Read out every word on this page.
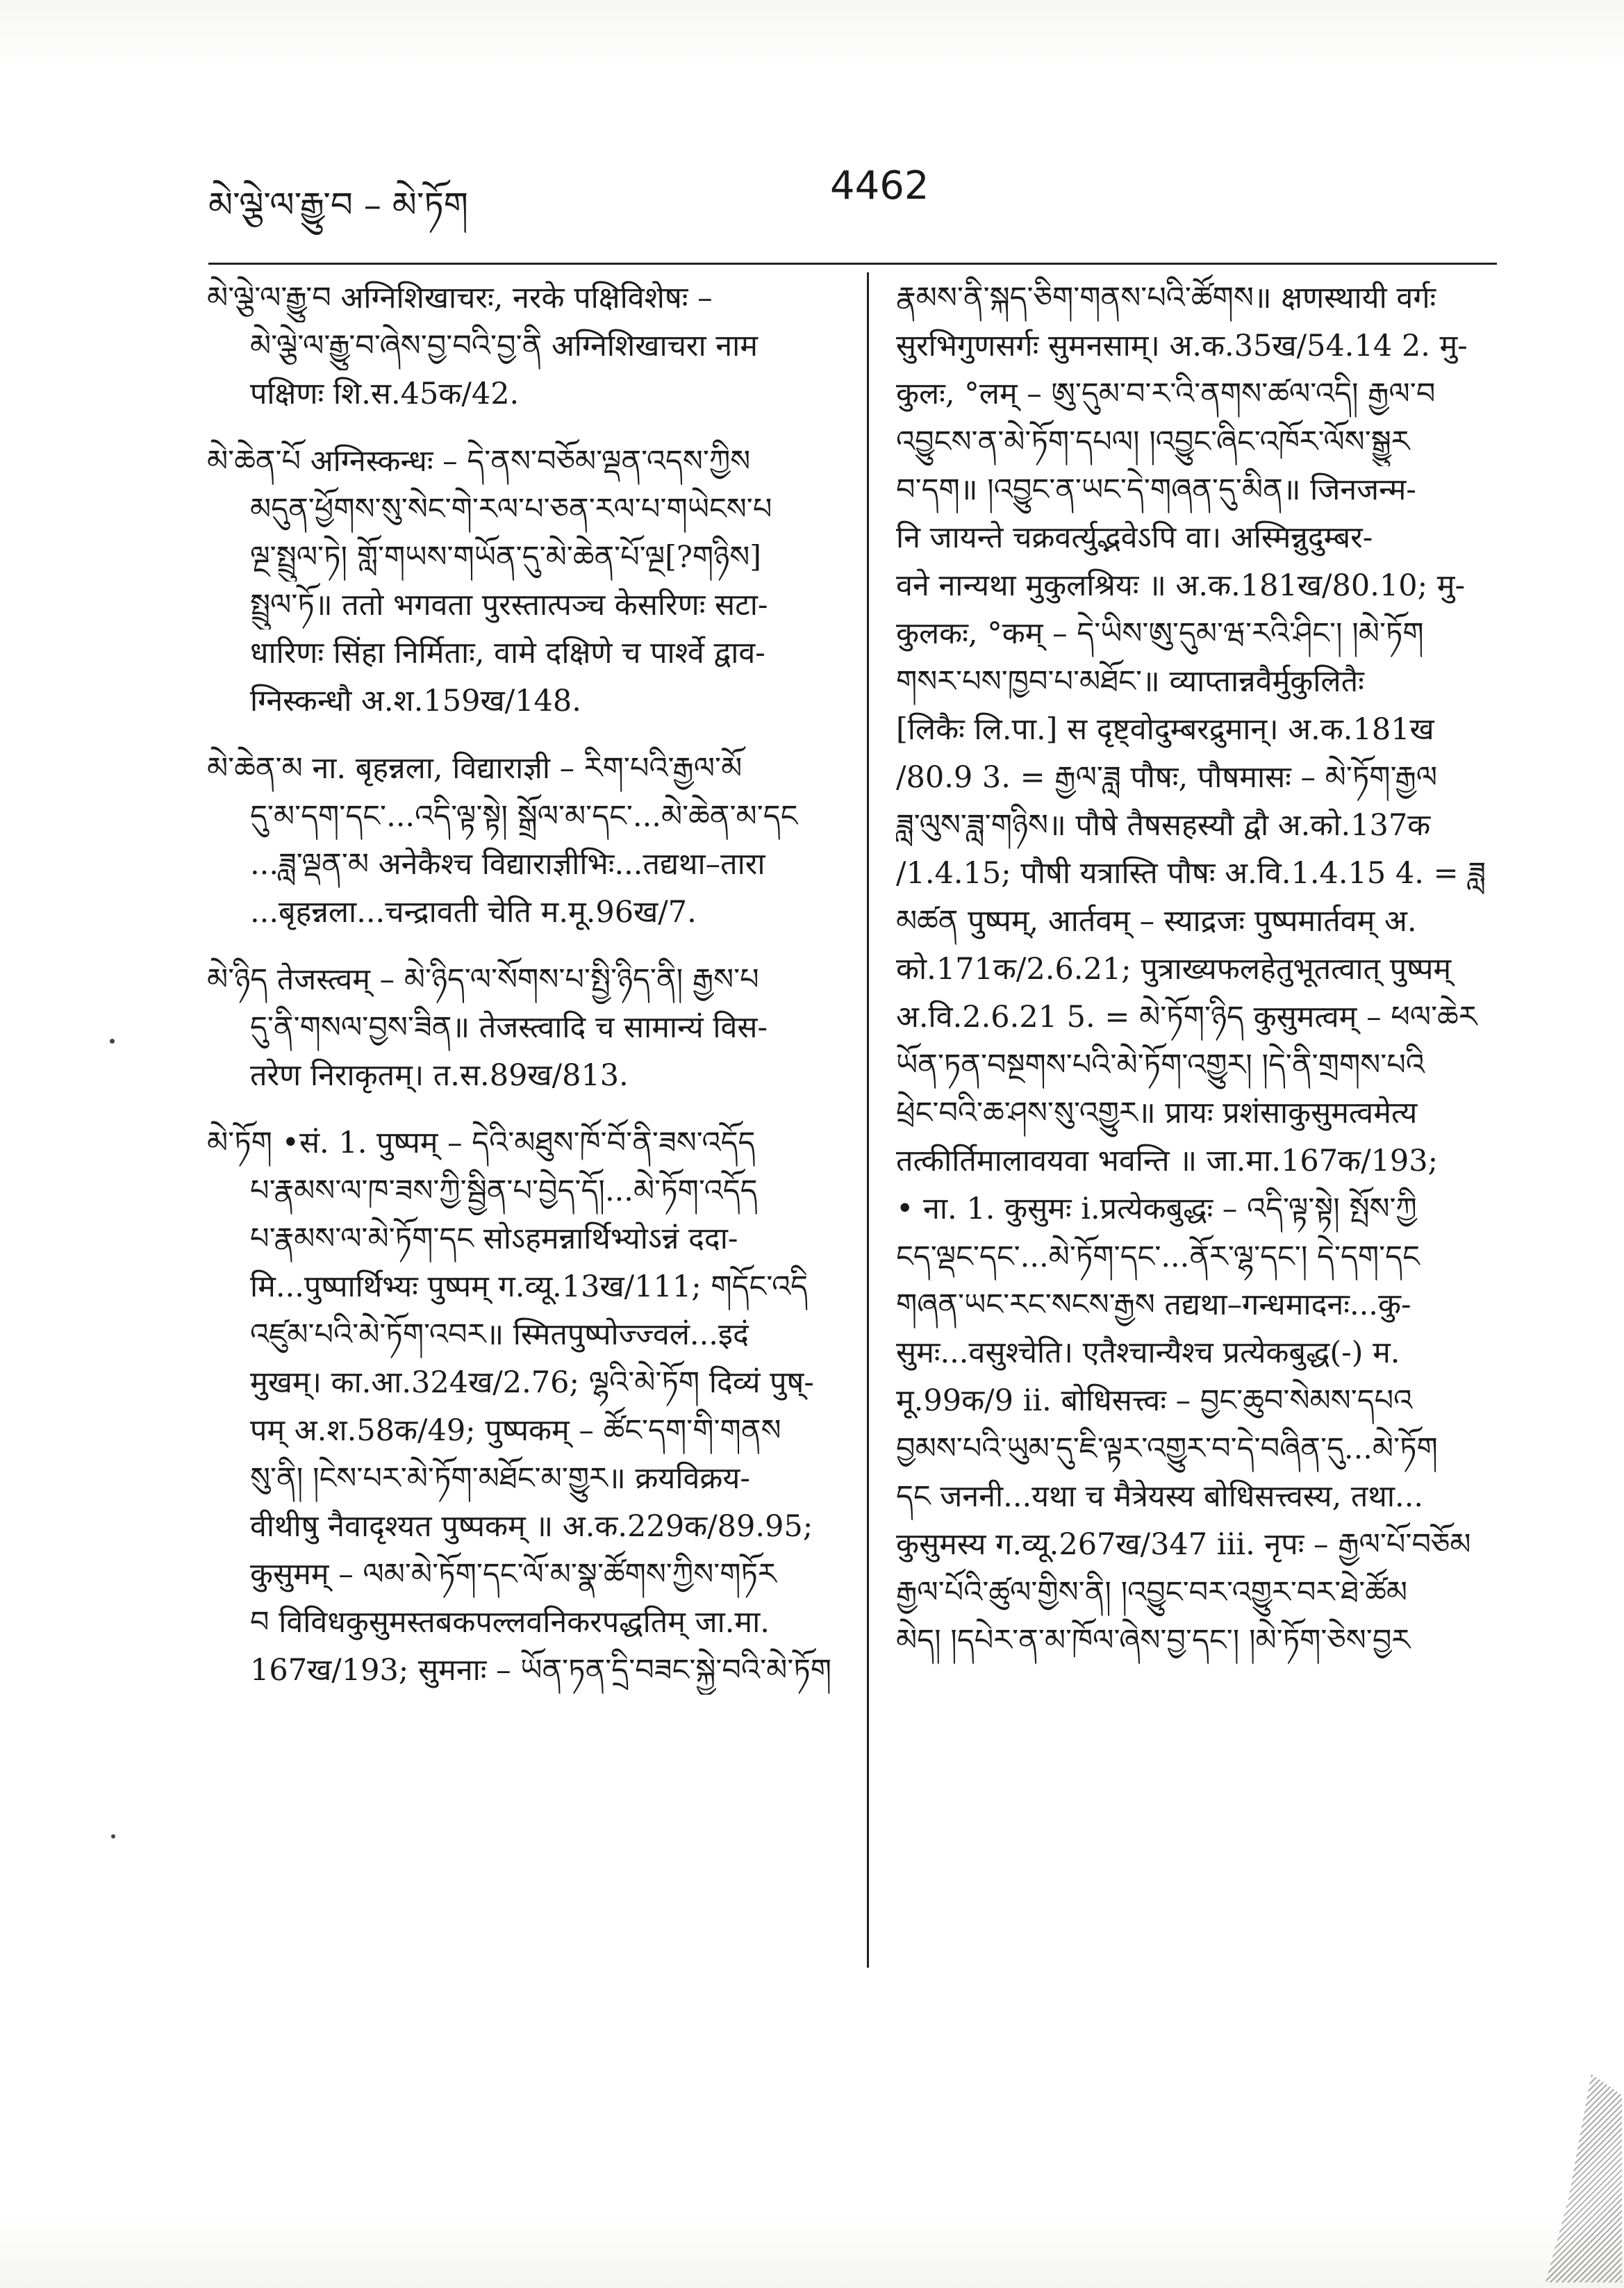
མེ་ལྕེ་ལ་རྒྱུ་བ – མེ་ཏོག	4462
མེ་ལྕེ་ལ་རྒྱུ་བ अग्निशिखाचरः, नरके पक्षिविशेषः –
མེ་ལྕེ་ལ་རྒྱུ་བ་ཞེས་བྱ་བའི་བྱ་ནི अग्निशिखाचरा नाम
पक्षिणः शि.स.45क/42.
མེ་ཆེན་པོ अग्निस्कन्धः – དེ་ནས་བཅོམ་ལྡན་འདས་ཀྱིས
མདུན་ཕྱོགས་སུ་སེང་གེ་རལ་པ་ཅན་རལ་པ་གཡེངས་པ
ལྔ་སྤྲུལ་ཏེ། གློ་གཡས་གཡོན་དུ་མེ་ཆེན་པོ་ལྔ[?གཉིས]
སྤྲུལ་ཏོ॥ ततो भगवता पुरस्तात्पञ्च केसरिणः सटा-
धारिणः सिंहा निर्मिताः, वामे दक्षिणे च पार्श्वे द्वाव-
ग्निस्कन्धौ अ.श.159ख/148.
མེ་ཆེན་མ ना. बृहन्नला, विद्याराज्ञी – རིག་པའི་རྒྱལ་མོ
དུ་མ་དག་དང་...འདི་ལྟ་སྟེ། སྒྲོལ་མ་དང་...མེ་ཆེན་མ་དང
...ཟླ་ལྡན་མ अनेकैश्च विद्याराज्ञीभिः...तद्यथा–तारा
...बृहन्नला...चन्द्रावती चेति म.मू.96ख/7.
མེ་ཉིད तेजस्त्वम् – མེ་ཉིད་ལ་སོགས་པ་སྤྱི་ཉིད་ནི། རྒྱས་པ
དུ་ནི་གསལ་བྱས་ཟིན॥ तेजस्त्वादि च सामान्यं विस-
तरेण निराकृतम्। त.स.89ख/813.
མེ་ཏོག •सं. 1. पुष्पम् – དེའི་མཐུས་ཁོ་བོ་ནི་ཟས་འདོད
པ་རྣམས་ལ་ཁ་ཟས་ཀྱི་སྦྱིན་པ་བྱེད་དོ།...མེ་ཏོག་འདོད
པ་རྣམས་ལ་མེ་ཏོག་དང सोऽहमन्नार्थिभ्योऽन्नं ददा-
मि...पुष्पार्थिभ्यः पुष्पम् ग.व्यू.13ख/111; གདོང་འདི
འཛུམ་པའི་མེ་ཏོག་འབར॥ स्मितपुष्पोज्ज्वलं...इदं
मुखम्। का.आ.324ख/2.76; ལྷའི་མེ་ཏོག दिव्यं पुष्-
पम् अ.श.58क/49; पुष्पकम् – ཚོང་དག་གི་གནས
སུ་ནི། །ངེས་པར་མེ་ཏོག་མཐོང་མ་གྱུར॥ क्रयविक्रय-
वीथीषु नैवादृश्यत पुष्पकम् ॥ अ.क.229क/89.95;
कुसुमम् – ལམ་མེ་ཏོག་དང་ལོ་མ་སྣ་ཚོགས་ཀྱིས་གཏོར
བ विविधकुसुमस्तबकपल्लवनिकरपद्धतिम् जा.मा.
167ख/193; सुमनाः – ཡོན་ཏན་དྲི་བཟང་སྐྱེ་བའི་མེ་ཏོག
རྣམས་ནི་སྐད་ཅིག་གནས་པའི་ཚོགས॥ क्षणस्थायी वर्गः
सुरभिगुणसर्गः सुमनसाम्। अ.क.35ख/54.14 2. मु-
कुलः, °लम् – ཨུ་དུམ་བ་ར་འི་ནགས་ཚལ་འདི། རྒྱལ་བ
འབྱུངས་ན་མེ་ཏོག་དཔལ། །འབྱུང་ཞིང་འཁོར་ལོས་སྒྱུར
བ་དག॥ །འབྱུང་ན་ཡང་དེ་གཞན་དུ་མིན॥ जिनजन्म-
नि जायन्ते चक्रवर्त्युद्भवेऽपि वा। अस्मिन्नुदुम्बर-
वने नान्यथा मुकुलश्रियः ॥ अ.क.181ख/80.10; मु-
कुलकः, °कम् – དེ་ཡིས་ཨུ་དུམ་ཝ་རའི་ཤིང་། །མེ་ཏོག
གསར་པས་ཁྱབ་པ་མཐོང་॥ व्याप्तान्नवैर्मुकुलितैः
[लिकैः लि.पा.] स दृष्ट्वोदुम्बरद्रुमान्। अ.क.181ख
/80.9 3. = རྒྱལ་ཟླ पौषः, पौषमासः – མེ་ཏོག་རྒྱལ
ཟླ་ལུས་ཟླ་གཉིས॥ पौषे तैषसहस्यौ द्वौ अ.को.137क
/1.4.15; पौषी यत्रास्ति पौषः अ.वि.1.4.15 4. = ཟླ
མཚན पुष्पम्, आर्तवम् – स्याद्रजः पुष्पमार्तवम् अ.
को.171क/2.6.21; पुत्राख्यफलहेतुभूतत्वात् पुष्पम्
अ.वि.2.6.21 5. = མེ་ཏོག་ཉིད कुसुमत्वम् – ཕལ་ཆེར
ཡོན་ཏན་བསྔགས་པའི་མེ་ཏོག་འགྱུར། །དེ་ནི་གྲགས་པའི
ཕྲེང་བའི་ཆ་ཤས་སུ་འགྱུར॥ प्रायः प्रशंसाकुसुमत्वमेत्य
तत्कीर्तिमालावयवा भवन्ति ॥ जा.मा.167क/193;
• ना. 1. कुसुमः i.प्रत्येकबुद्धः – འདི་ལྟ་སྟེ། སྤོས་ཀྱི
ངད་ལྡང་དང་...མེ་ཏོག་དང་...ནོར་ལྷ་དང་། དེ་དག་དང
གཞན་ཡང་རང་སངས་རྒྱས तद्यथा–गन्धमादनः...कु-
सुमः...वसुश्चेति। एतैश्चान्यैश्च प्रत्येकबुद्ध(-) म.
मू.99क/9 ii. बोधिसत्त्वः – བྱང་ཆུབ་སེམས་དཔའ
བྱམས་པའི་ཡུམ་དུ་ཇི་ལྟར་འགྱུར་བ་དེ་བཞིན་དུ...མེ་ཏོག
དང जननी...यथा च मैत्रेयस्य बोधिसत्त्वस्य, तथा...
कुसुमस्य ग.व्यू.267ख/347 iii. नृपः – རྒྱལ་པོ་བཅོམ
རྒྱལ་པོའི་ཚུལ་གྱིས་ནི། །འབྱུང་བར་འགྱུར་བར་ཐེ་ཚོམ
མེད། །དཔེར་ན་མ་ཁོལ་ཞེས་བྱ་དང་། །མེ་ཏོག་ཅེས་བྱར
